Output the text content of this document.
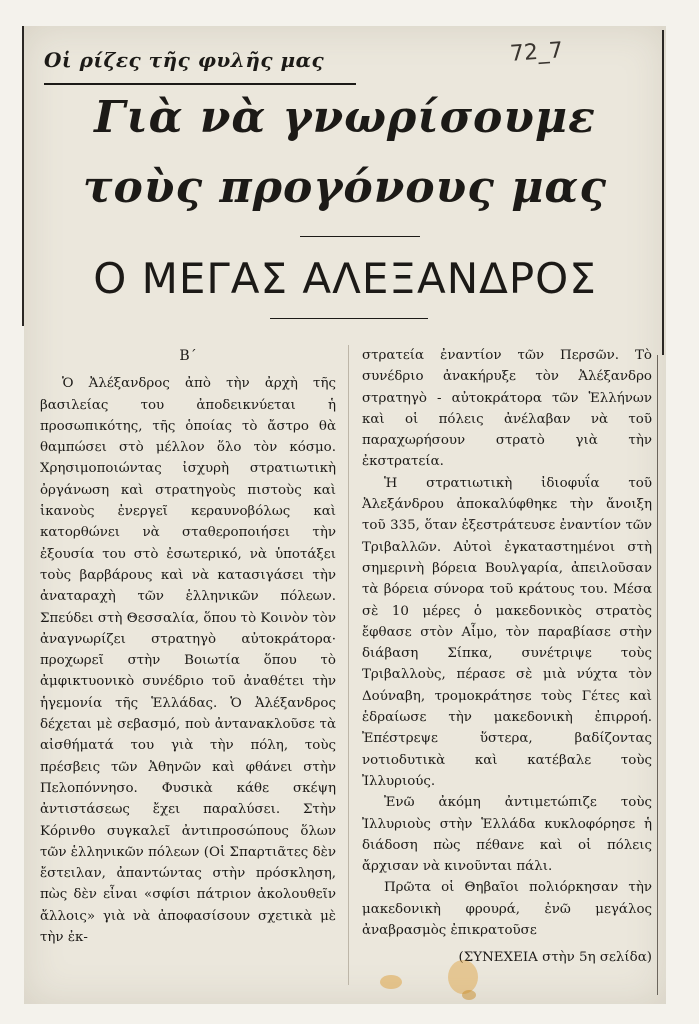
Οἱ ρίζες τῆς φυλῆς μας	72_7
Γιὰ νὰ γνωρίσουμε
τοὺς προγόνους μας
Ο ΜΕΓΑΣ ΑΛΕΞΑΝΔΡΟΣ
Β΄

Ὁ Ἀλέξανδρος ἀπὸ τὴν ἀρχὴ τῆς βασιλείας του ἀποδεικνύεται ἡ προσωπικότης, τῆς ὁποίας τὸ ἄστρο θὰ θαμπώσει στὸ μέλλον ὅλο τὸν κόσμο. Χρησιμοποιώντας ἰσχυρὴ στρατιωτικὴ ὀργάνωση καὶ στρατηγοὺς πιστοὺς καὶ ἱκανοὺς ἐνεργεῖ κεραυνοβόλως καὶ κατορθώνει νὰ σταθεροποιήσει τὴν ἐξουσία του στὸ ἐσωτερικό, νὰ ὑποτάξει τοὺς βαρβάρους καὶ νὰ κατασιγάσει τὴν ἀναταραχὴ τῶν ἑλληνικῶν πόλεων. Σπεύδει στὴ Θεσσαλία, ὅπου τὸ Κοινὸν τὸν ἀναγνωρίζει στρατηγὸ αὐτοκράτορα· προχωρεῖ στὴν Βοιωτία ὅπου τὸ ἀμφικτυονικὸ συνέδριο τοῦ ἀναθέτει τὴν ἡγεμονία τῆς Ἑλλάδας. Ὁ Ἀλέξανδρος δέχεται μὲ σεβασμό, ποὺ ἀντανακλοῦσε τὰ αἰσθήματά του γιὰ τὴν πόλη, τοὺς πρέσβεις τῶν Ἀθηνῶν καὶ φθάνει στὴν Πελοπόννησο. Φυσικὰ κάθε σκέψη ἀντιστάσεως ἔχει παραλύσει. Στὴν Κόρινθο συγκαλεῖ ἀντιπροσώπους ὅλων τῶν ἑλληνικῶν πόλεων (Οἱ Σπαρτιᾶτες δὲν ἔστειλαν, ἀπαντώντας στὴν πρόσκληση, πὼς δὲν εἶναι «σφίσι πάτριον ἀκολουθεῖν ἄλλοις» γιὰ νὰ ἀποφασίσουν σχετικὰ μὲ τὴν ἐκ-

στρατεία ἐναντίον τῶν Περσῶν. Τὸ συνέδριο ἀνακήρυξε τὸν Ἀλέξανδρο στρατηγὸ - αὐτοκράτορα τῶν Ἑλλήνων καὶ οἱ πόλεις ἀνέλαβαν νὰ τοῦ παραχωρήσουν στρατὸ γιὰ τὴν ἐκστρατεία.

Ἡ στρατιωτικὴ ἰδιοφυΐα τοῦ Ἀλεξάνδρου ἀποκαλύφθηκε τὴν ἄνοιξη τοῦ 335, ὅταν ἐξεστράτευσε ἐναντίον τῶν Τριβαλλῶν. Αὐτοὶ ἐγκαταστημένοι στὴ σημερινὴ βόρεια Βουλγαρία, ἀπειλοῦσαν τὰ βόρεια σύνορα τοῦ κράτους του. Μέσα σὲ 10 μέρες ὁ μακεδονικὸς στρατὸς ἔφθασε στὸν Αἷμο, τὸν παραβίασε στὴν διάβαση Σίπκα, συνέτριψε τοὺς Τριβαλλοὺς, πέρασε σὲ μιὰ νύχτα τὸν Δούναβη, τρομοκράτησε τοὺς Γέτες καὶ ἑδραίωσε τὴν μακεδονικὴ ἐπιρροή. Ἐπέστρεψε ὕστερα, βαδίζοντας νοτιοδυτικὰ καὶ κατέβαλε τοὺς Ἰλλυριούς.

Ἐνῶ ἀκόμη ἀντιμετώπιζε τοὺς Ἰλλυριοὺς στὴν Ἑλλάδα κυκλοφόρησε ἡ διάδοση πὼς πέθανε καὶ οἱ πόλεις ἄρχισαν νὰ κινοῦνται πάλι.

Πρῶτα οἱ Θηβαῖοι πολιόρκησαν τὴν μακεδονικὴ φρουρά, ἐνῶ μεγάλος ἀναβρασμὸς ἐπικρατοῦσε

(ΣΥΝΕΧΕΙΑ στὴν 5η σελίδα)
